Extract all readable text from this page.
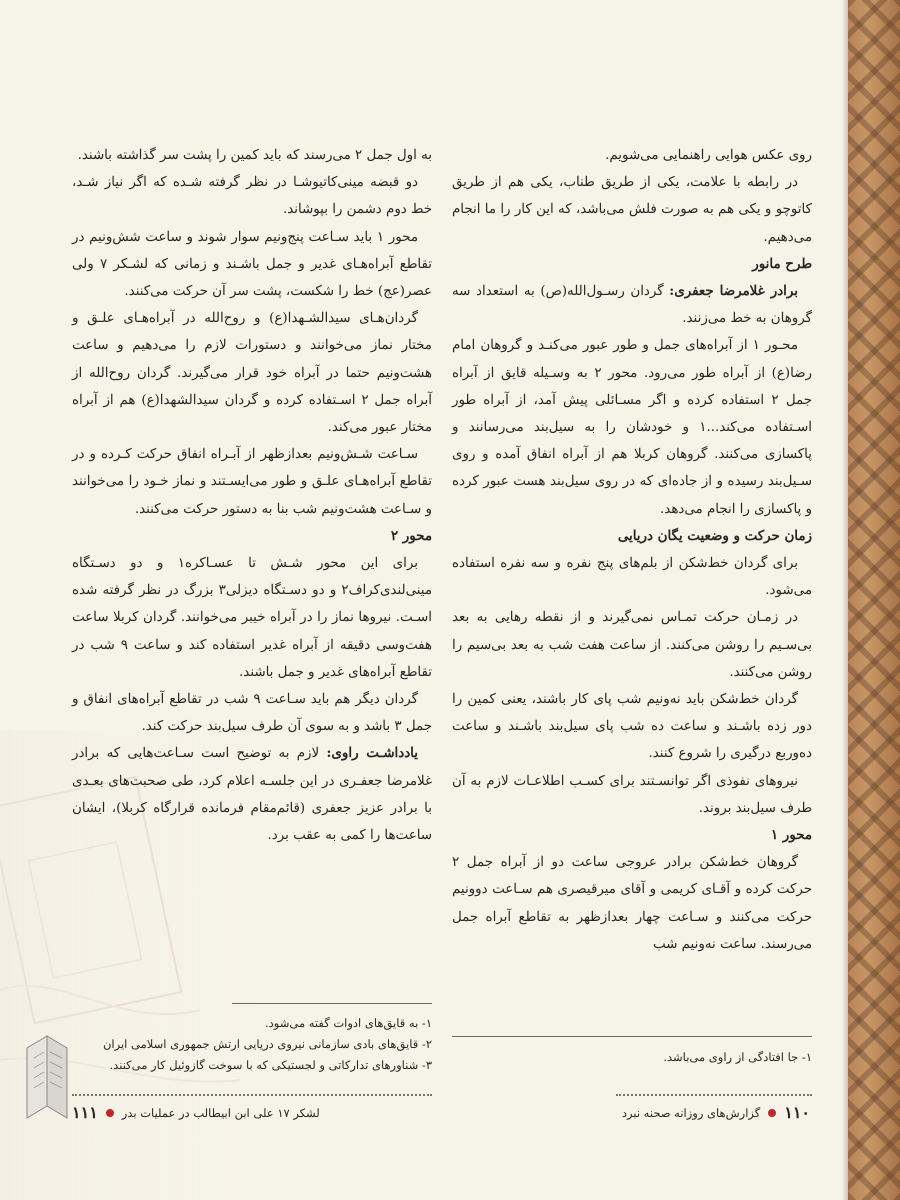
روی عکس هوایی راهنمایی می‌شویم.

در رابطه با علامت، یکی از طریق طناب، یکی هم از طریق کاتوچو و یکی هم به صورت فلش می‌باشد، که این کار را ما انجام می‌دهیم.

طرح مانور

برادر غلامرضا جعفری: گردان رسـول‌الله(ص) به استعداد سه گروهان به خط می‌زنند.

محـور ۱ از آبراه‌های جمل و طور عبور می‌کنـد و گروهان امام رضا(ع) از آبراه طور می‌رود. محور ۲ به وسـیله قایق از آبراه جمل ۲ استفاده کرده و اگر مسـائلی پیش آمد، از آبراه طور اسـتفاده می‌کند...۱ و خودشان را به سیل‌بند می‌رسانند و پاکسازی می‌کنند. گروهان کربلا هم از آبراه انفاق آمده و روی سـیل‌بند رسیده و از جاده‌ای که در روی سیل‌بند هست عبور کرده و پاکسازی را انجام می‌دهد.

زمان حرکت و وضعیت یگان دریایی

برای گردان خط‌شکن از بلم‌های پنج نفره و سه نفره استفاده می‌شود.

در زمـان حرکت تمـاس نمی‌گیرند و از نقطه رهایی به بعد بی‌سـیم را روشن می‌کنند. از ساعت هفت شب به بعد بی‌سیم را روشن می‌کنند.

گردان خط‌شکن باید نه‌ونیم شب پای کار باشند، یعنی کمین را دور زده باشـند و ساعت ده شب پای سیل‌بند باشـند و ساعت ده‌وربع درگیری را شروع کنند.

نیروهای نفوذی اگر توانسـتند برای کسـب اطلاعـات لازم به آن طرف سیل‌بند بروند.

محور ۱

گروهان خط‌شکن برادر عروجی ساعت دو از آبراه جمل ۲ حرکت کرده و آقـای کریمی و آقای میرقیصری هم سـاعت دوونیم حرکت می‌کنند و سـاعت چهار بعدازظهر به تقاطع آبراه جمل می‌رسند. ساعت نه‌ونیم شب

به اول جمل ۲ می‌رسند که باید کمین را پشت سر گذاشته باشند.

دو قبضه مینی‌کاتیوشـا در نظر گرفته شـده که اگر نیاز شـد، خط دوم دشمن را بپوشاند.

محور ۱ باید سـاعت پنج‌ونیم سوار شوند و ساعت شش‌ونیم در تقاطع آبراه‌هـای غدیر و جمل باشـند و زمانی که لشـکر ۷ ولی عصر(عج) خط را شکست، پشت سر آن حرکت می‌کنند.

گردان‌هـای سیدالشـهدا(ع) و روح‌الله در آبراه‌هـای علـق و مختار نماز می‌خوانند و دستورات لازم را می‌دهیم و ساعت هشت‌ونیم حتما در آبراه خود قرار می‌گیرند. گردان روح‌الله از آبراه جمل ۲ اسـتفاده کرده و گردان سیدالشهدا(ع) هم از آبراه مختار عبور می‌کند.

سـاعت شـش‌ونیم بعدازظهر از آبـراه انفاق حرکت کـرده و در تقاطع آبراه‌هـای علـق و طور می‌ایسـتند و نماز خـود را می‌خوانند و سـاعت هشت‌ونیم شب بنا به دستور حرکت می‌کنند.

محور ۲

برای این محور شـش تا عسـاکره۱ و دو دسـتگاه مینی‌لندی‌کراف۲ و دو دسـتگاه دیزلی۳ بزرگ در نظر گرفته شده اسـت. نیروها نماز را در آبراه خیبر می‌خوانند. گردان کربلا ساعت هفت‌وسی دقیقه از آبراه غدیر استفاده کند و ساعت ۹ شب در تقاطع آبراه‌های غدیر و جمل باشند.

گردان دیگر هم باید سـاعت ۹ شب در تقاطع آبراه‌های انفاق و جمل ۳ باشد و به سوی آن طرف سیل‌بند حرکت کند.

یادداشـت راوی: لازم به توضیح است سـاعت‌هایی که برادر غلامرضا جعفـری در این جلسـه اعلام کرد، طی صحبت‌های بعـدی با برادر عزیز جعفری (قائم‌مقام فرمانده قرارگاه کربلا)، ایشان ساعت‌ها را کمی به عقب برد.

۱- جا افتادگی از راوی می‌باشد.
۱- به قایق‌های ادوات گفته می‌شود.
۲- قایق‌های بادی سازمانی نیروی دریایی ارتش جمهوری اسلامی ایران
۳- شناورهای تدارکاتی و لجستیکی که با سوخت گازوئیل کار می‌کنند.
۱۱۰
گزارش‌های روزانه صحنه نبرد
۱۱۱ لشکر ۱۷ علی ابن ابیطالب در عملیات بدر
